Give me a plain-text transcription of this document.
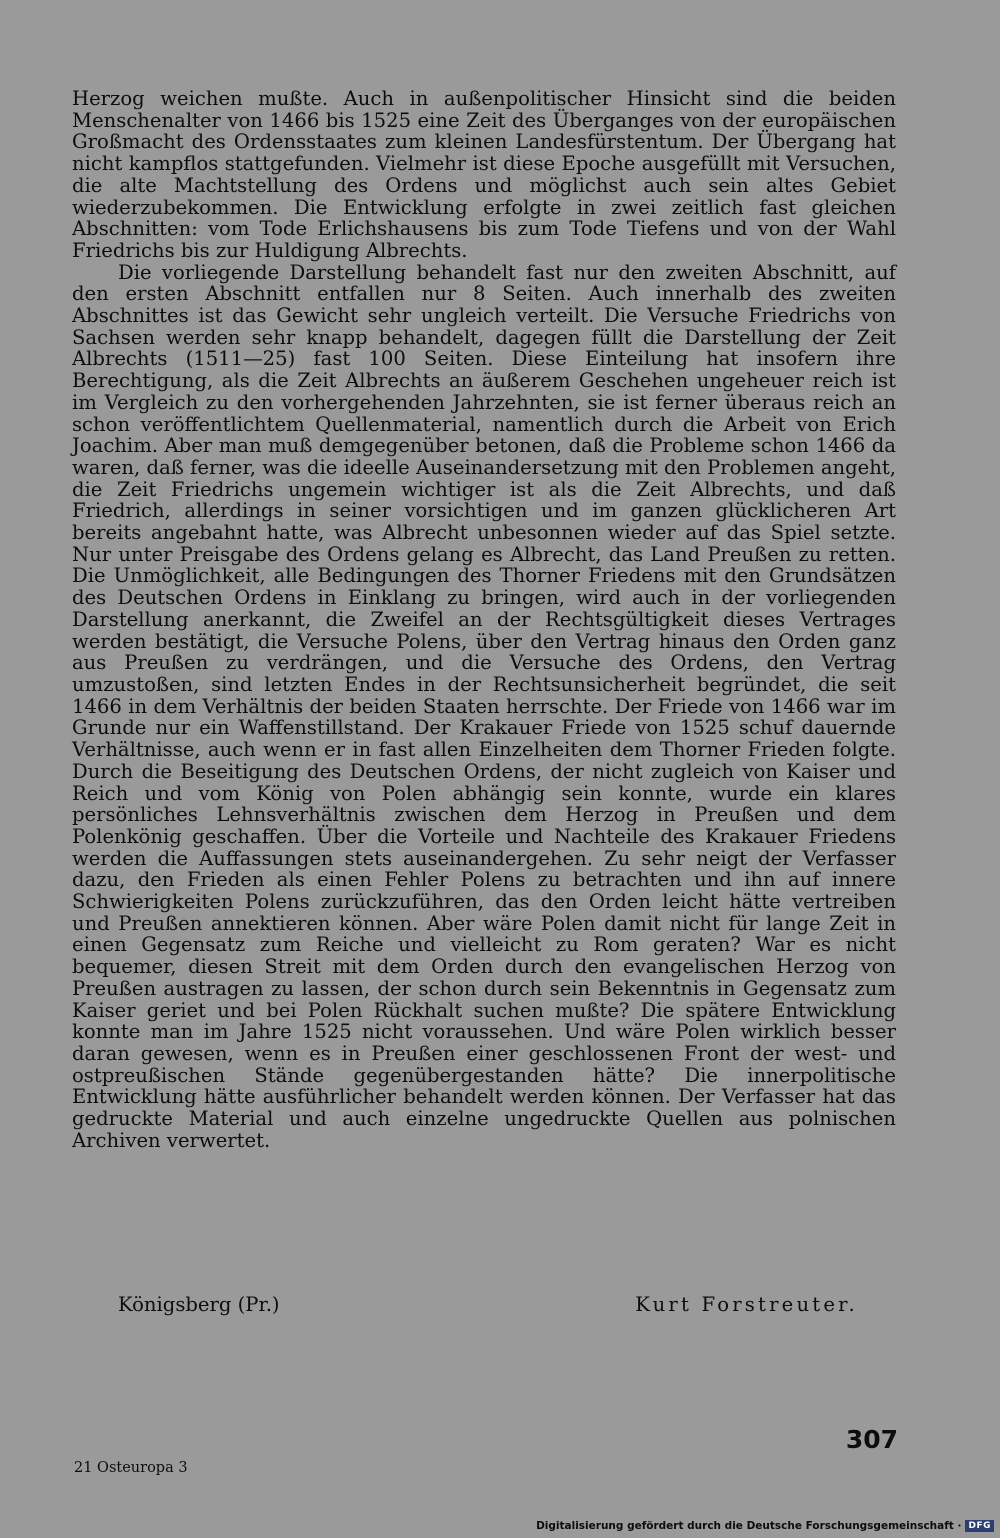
Herzog weichen mußte. Auch in außenpolitischer Hinsicht sind die beiden Menschenalter von 1466 bis 1525 eine Zeit des Überganges von der europäischen Großmacht des Ordensstaates zum kleinen Landesfürstentum. Der Übergang hat nicht kampflos stattgefunden. Vielmehr ist diese Epoche ausgefüllt mit Versuchen, die alte Machtstellung des Ordens und möglichst auch sein altes Gebiet wiederzubekommen. Die Entwicklung erfolgte in zwei zeitlich fast gleichen Abschnitten: vom Tode Erlichshausens bis zum Tode Tiefens und von der Wahl Friedrichs bis zur Huldigung Albrechts.

Die vorliegende Darstellung behandelt fast nur den zweiten Abschnitt, auf den ersten Abschnitt entfallen nur 8 Seiten. Auch innerhalb des zweiten Abschnittes ist das Gewicht sehr ungleich verteilt. Die Versuche Friedrichs von Sachsen werden sehr knapp behandelt, dagegen füllt die Darstellung der Zeit Albrechts (1511—25) fast 100 Seiten. Diese Einteilung hat insofern ihre Berechtigung, als die Zeit Albrechts an äußerem Geschehen ungeheuer reich ist im Vergleich zu den vorhergehenden Jahrzehnten, sie ist ferner überaus reich an schon veröffentlichtem Quellenmaterial, namentlich durch die Arbeit von Erich Joachim. Aber man muß demgegenüber betonen, daß die Probleme schon 1466 da waren, daß ferner, was die ideelle Auseinandersetzung mit den Problemen angeht, die Zeit Friedrichs ungemein wichtiger ist als die Zeit Albrechts, und daß Friedrich, allerdings in seiner vorsichtigen und im ganzen glücklicheren Art bereits angebahnt hatte, was Albrecht unbesonnen wieder auf das Spiel setzte. Nur unter Preisgabe des Ordens gelang es Albrecht, das Land Preußen zu retten. Die Unmöglichkeit, alle Bedingungen des Thorner Friedens mit den Grundsätzen des Deutschen Ordens in Einklang zu bringen, wird auch in der vorliegenden Darstellung anerkannt, die Zweifel an der Rechtsgültigkeit dieses Vertrages werden bestätigt, die Versuche Polens, über den Vertrag hinaus den Orden ganz aus Preußen zu verdrängen, und die Versuche des Ordens, den Vertrag umzustoßen, sind letzten Endes in der Rechtsunsicherheit begründet, die seit 1466 in dem Verhältnis der beiden Staaten herrschte. Der Friede von 1466 war im Grunde nur ein Waffenstillstand. Der Krakauer Friede von 1525 schuf dauernde Verhältnisse, auch wenn er in fast allen Einzelheiten dem Thorner Frieden folgte. Durch die Beseitigung des Deutschen Ordens, der nicht zugleich von Kaiser und Reich und vom König von Polen abhängig sein konnte, wurde ein klares persönliches Lehnsverhältnis zwischen dem Herzog in Preußen und dem Polenkönig geschaffen. Über die Vorteile und Nachteile des Krakauer Friedens werden die Auffassungen stets auseinandergehen. Zu sehr neigt der Verfasser dazu, den Frieden als einen Fehler Polens zu betrachten und ihn auf innere Schwierigkeiten Polens zurückzuführen, das den Orden leicht hätte vertreiben und Preußen annektieren können. Aber wäre Polen damit nicht für lange Zeit in einen Gegensatz zum Reiche und vielleicht zu Rom geraten? War es nicht bequemer, diesen Streit mit dem Orden durch den evangelischen Herzog von Preußen austragen zu lassen, der schon durch sein Bekenntnis in Gegensatz zum Kaiser geriet und bei Polen Rückhalt suchen mußte? Die spätere Entwicklung konnte man im Jahre 1525 nicht voraussehen. Und wäre Polen wirklich besser daran gewesen, wenn es in Preußen einer geschlossenen Front der west- und ostpreußischen Stände gegenübergestanden hätte? Die innerpolitische Entwicklung hätte ausführlicher behandelt werden können. Der Verfasser hat das gedruckte Material und auch einzelne ungedruckte Quellen aus polnischen Archiven verwertet.

Königsberg (Pr.)	Kurt Forstreuter.
307
21 Osteuropa 3
Digitalisierung gefördert durch die Deutsche Forschungsgemeinschaft · DFG
